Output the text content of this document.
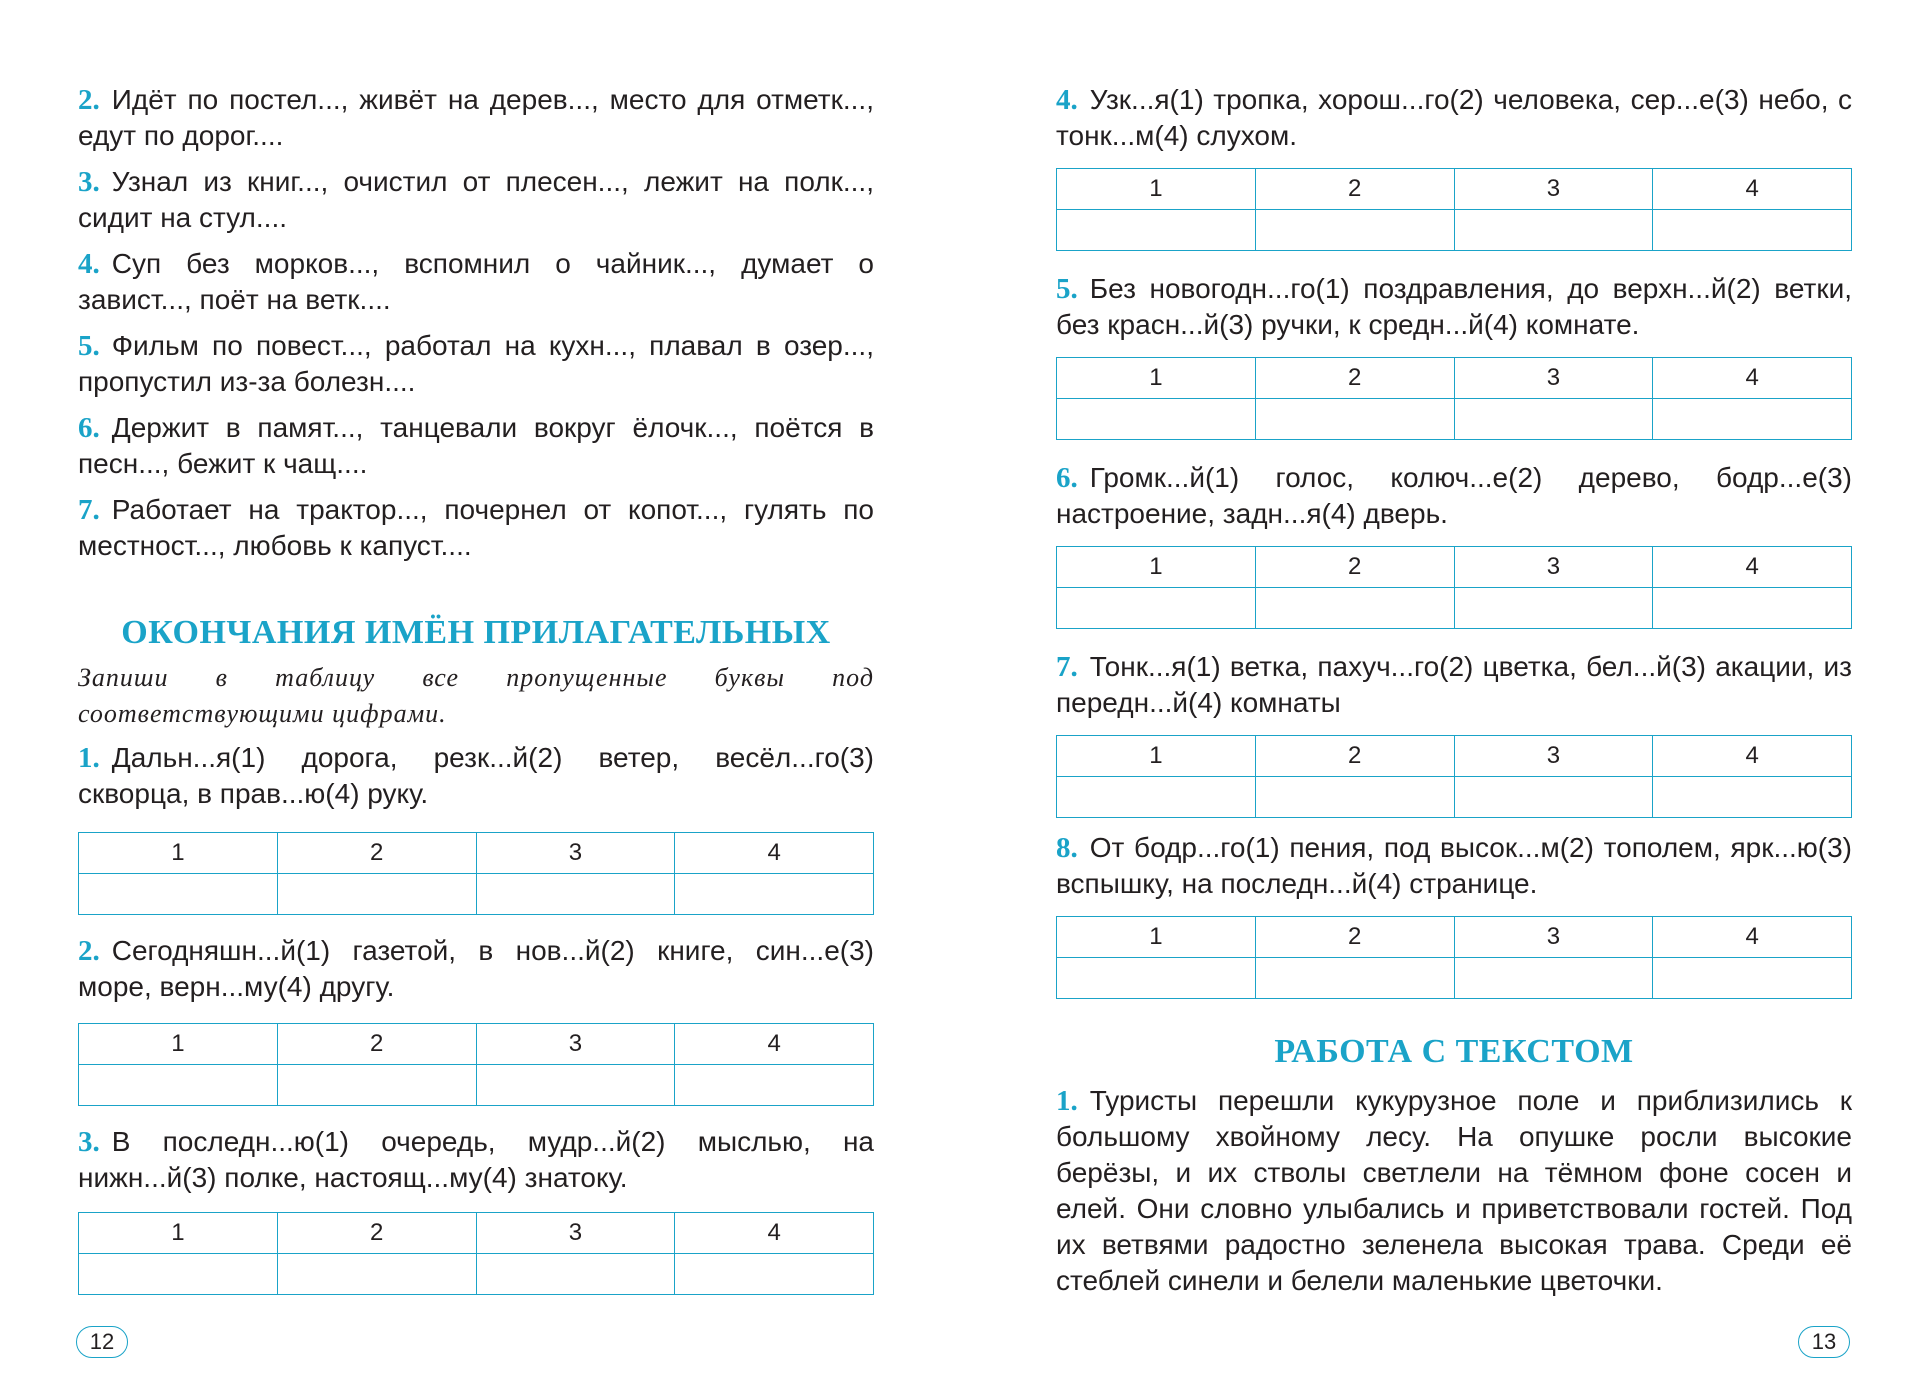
2. Идёт по постел..., живёт на дерев..., место для отметк..., едут по дорог....

3. Узнал из книг..., очистил от плесен..., лежит на полк..., сидит на стул....

4. Суп без морков..., вспомнил о чайник..., думает о завист..., поёт на ветк....

5. Фильм по повест..., работал на кухн..., плавал в озер..., пропустил из-за болезн....

6. Держит в памят..., танцевали вокруг ёлочк..., поётся в песн..., бежит к чащ....

7. Работает на трактор..., почернел от копот..., гулять по местност..., любовь к капуст....

ОКОНЧАНИЯ ИМЁН ПРИЛАГАТЕЛЬНЫХ

Запиши в таблицу все пропущенные буквы под соответствующими цифрами.

1. Дальн...я(1) дорога, резк...й(2) ветер, весёл...го(3) скворца, в прав...ю(4) руку.

1	2	3	4

2. Сегодняшн...й(1) газетой, в нов...й(2) книге, син...е(3) море, верн...му(4) другу.

1	2	3	4

3. В последн...ю(1) очередь, мудр...й(2) мыслью, на нижн...й(3) полке, настоящ...му(4) знатоку.

1	2	3	4

12

4. Узк...я(1) тропка, хорош...го(2) человека, сер...е(3) небо, с тонк...м(4) слухом.

1	2	3	4

5. Без новогодн...го(1) поздравления, до верхн...й(2) ветки, без красн...й(3) ручки, к средн...й(4) комнате.

1	2	3	4

6. Громк...й(1) голос, колюч...е(2) дерево, бодр...е(3) настроение, задн...я(4) дверь.

1	2	3	4

7. Тонк...я(1) ветка, пахуч...го(2) цветка, бел...й(3) акации, из передн...й(4) комнаты

1	2	3	4

8. От бодр...го(1) пения, под высок...м(2) тополем, ярк...ю(3) вспышку, на последн...й(4) странице.

1	2	3	4

РАБОТА С ТЕКСТОМ

1. Туристы перешли кукурузное поле и приблизились к большому хвойному лесу. На опушке росли высокие берёзы, и их стволы светлели на тёмном фоне сосен и елей. Они словно улыбались и приветствовали гостей. Под их ветвями радостно зеленела высокая трава. Среди её стеблей синели и белели маленькие цветочки.

13
